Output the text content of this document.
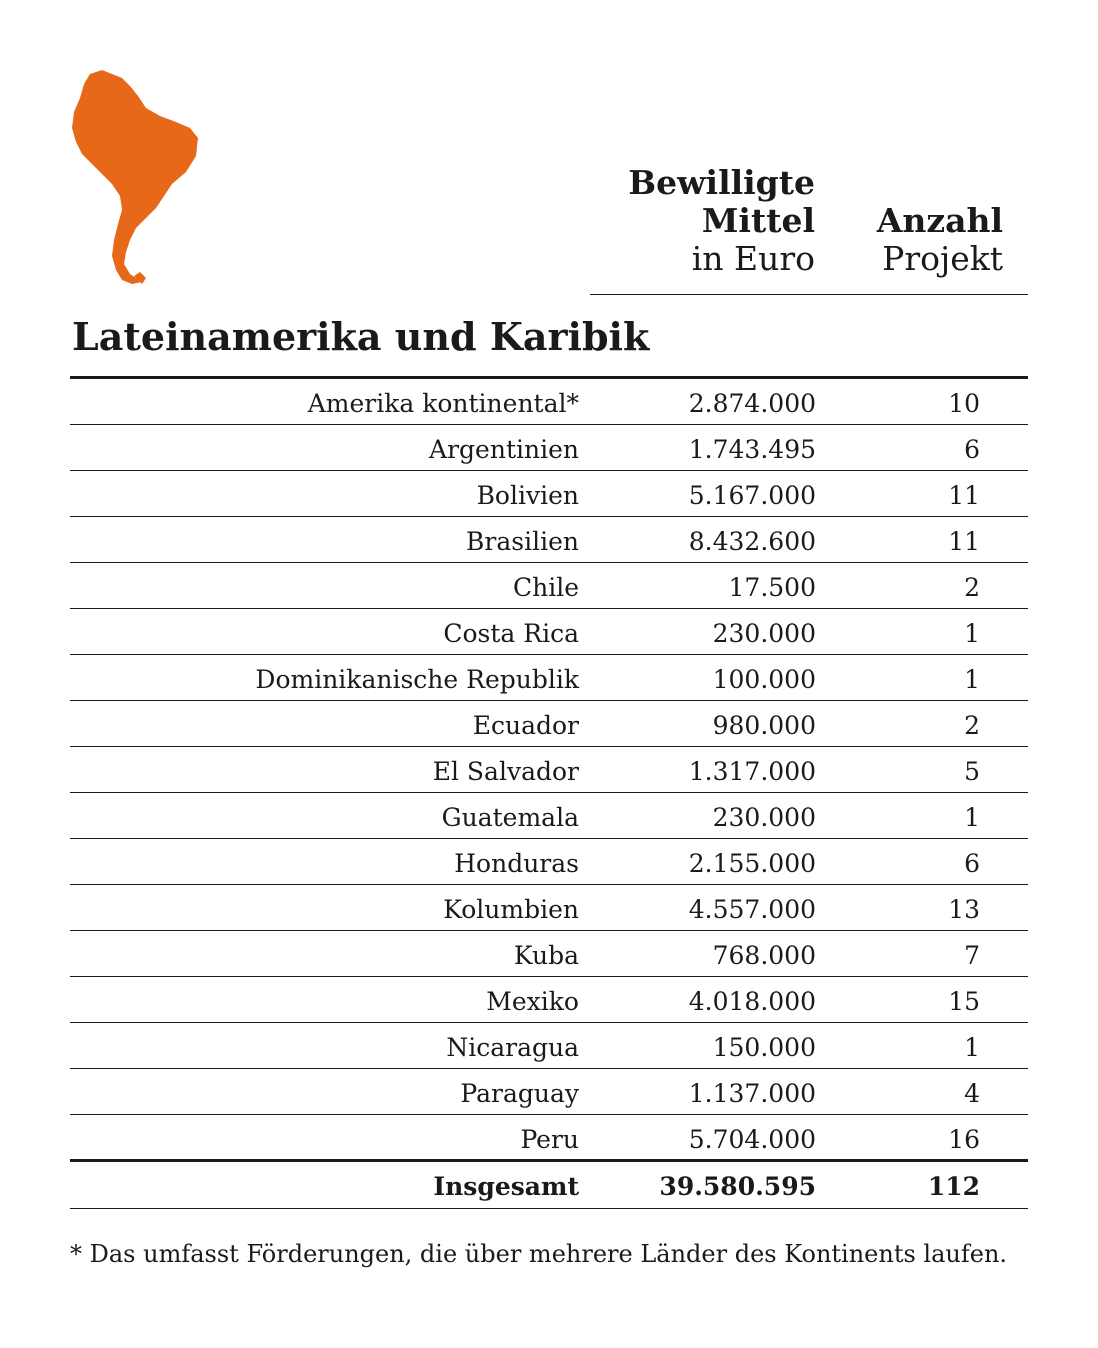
Bewilligte
Mittel
in Euro
Anzahl
Projekt
Lateinamerika und Karibik
Amerika kontinental*	2.874.000	10
Argentinien	1.743.495	6
Bolivien	5.167.000	11
Brasilien	8.432.600	11
Chile	17.500	2
Costa Rica	230.000	1
Dominikanische Republik	100.000	1
Ecuador	980.000	2
El Salvador	1.317.000	5
Guatemala	230.000	1
Honduras	2.155.000	6
Kolumbien	4.557.000	13
Kuba	768.000	7
Mexiko	4.018.000	15
Nicaragua	150.000	1
Paraguay	1.137.000	4
Peru	5.704.000	16
Insgesamt	39.580.595	112
* Das umfasst Förderungen, die über mehrere Länder des Kontinents laufen.
